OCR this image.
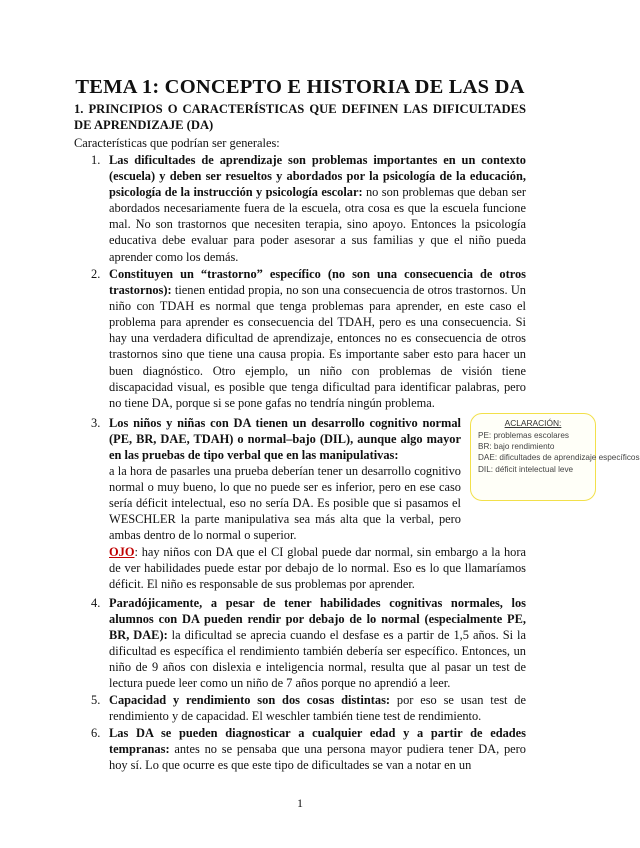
TEMA 1: CONCEPTO E HISTORIA DE LAS DA
1. PRINCIPIOS O CARACTERÍSTICAS QUE DEFINEN LAS DIFICULTADES DE APRENDIZAJE (DA)
Características que podrían ser generales:
1. Las dificultades de aprendizaje son problemas importantes en un contexto (escuela) y deben ser resueltos y abordados por la psicología de la educación, psicología de la instrucción y psicología escolar: no son problemas que deban ser abordados necesariamente fuera de la escuela, otra cosa es que la escuela funcione mal. No son trastornos que necesiten terapia, sino apoyo. Entonces la psicología educativa debe evaluar para poder asesorar a sus familias y que el niño pueda aprender como los demás.

2. Constituyen un “trastorno” específico (no son una consecuencia de otros trastornos): tienen entidad propia, no son una consecuencia de otros trastornos. Un niño con TDAH es normal que tenga problemas para aprender, en este caso el problema para aprender es consecuencia del TDAH, pero es una consecuencia. Si hay una verdadera dificultad de aprendizaje, entonces no es consecuencia de otros trastornos sino que tiene una causa propia. Es importante saber esto para hacer un buen diagnóstico. Otro ejemplo, un niño con problemas de visión tiene discapacidad visual, es posible que tenga dificultad para identificar palabras, pero no tiene DA, porque si se pone gafas no tendría ningún problema.

3. Los niños y niñas con DA tienen un desarrollo cognitivo normal (PE, BR, DAE, TDAH) o normal–bajo (DIL), aunque algo mayor en las pruebas de tipo verbal que en las manipulativas:

a la hora de pasarles una prueba deberían tener un desarrollo cognitivo normal o muy bueno, lo que no puede ser es inferior, pero en ese caso sería déficit intelectual, eso no sería DA. Es posible que si pasamos el WESCHLER la parte manipulativa sea más alta que la verbal, pero ambas dentro de lo normal o superior.

OJO: hay niños con DA que el CI global puede dar normal, sin embargo a la hora de ver habilidades puede estar por debajo de lo normal. Eso es lo que llamaríamos déficit. El niño es responsable de sus problemas por aprender.

4. Paradójicamente, a pesar de tener habilidades cognitivas normales, los alumnos con DA pueden rendir por debajo de lo normal (especialmente PE, BR, DAE): la dificultad se aprecia cuando el desfase es a partir de 1,5 años. Si la dificultad es específica el rendimiento también debería ser específico. Entonces, un niño de 9 años con dislexia e inteligencia normal, resulta que al pasar un test de lectura puede leer como un niño de 7 años porque no aprendió a leer.

5. Capacidad y rendimiento son dos cosas distintas: por eso se usan test de rendimiento y de capacidad. El weschler también tiene test de rendimiento.

6. Las DA se pueden diagnosticar a cualquier edad y a partir de edades tempranas: antes no se pensaba que una persona mayor pudiera tener DA, pero hoy sí. Lo que ocurre es que este tipo de dificultades se van a notar en un

ACLARACIÓN:
PE: problemas escolares
BR: bajo rendimiento
DAE: dificultades de aprendizaje específicos
DIL: déficit intelectual leve
1
